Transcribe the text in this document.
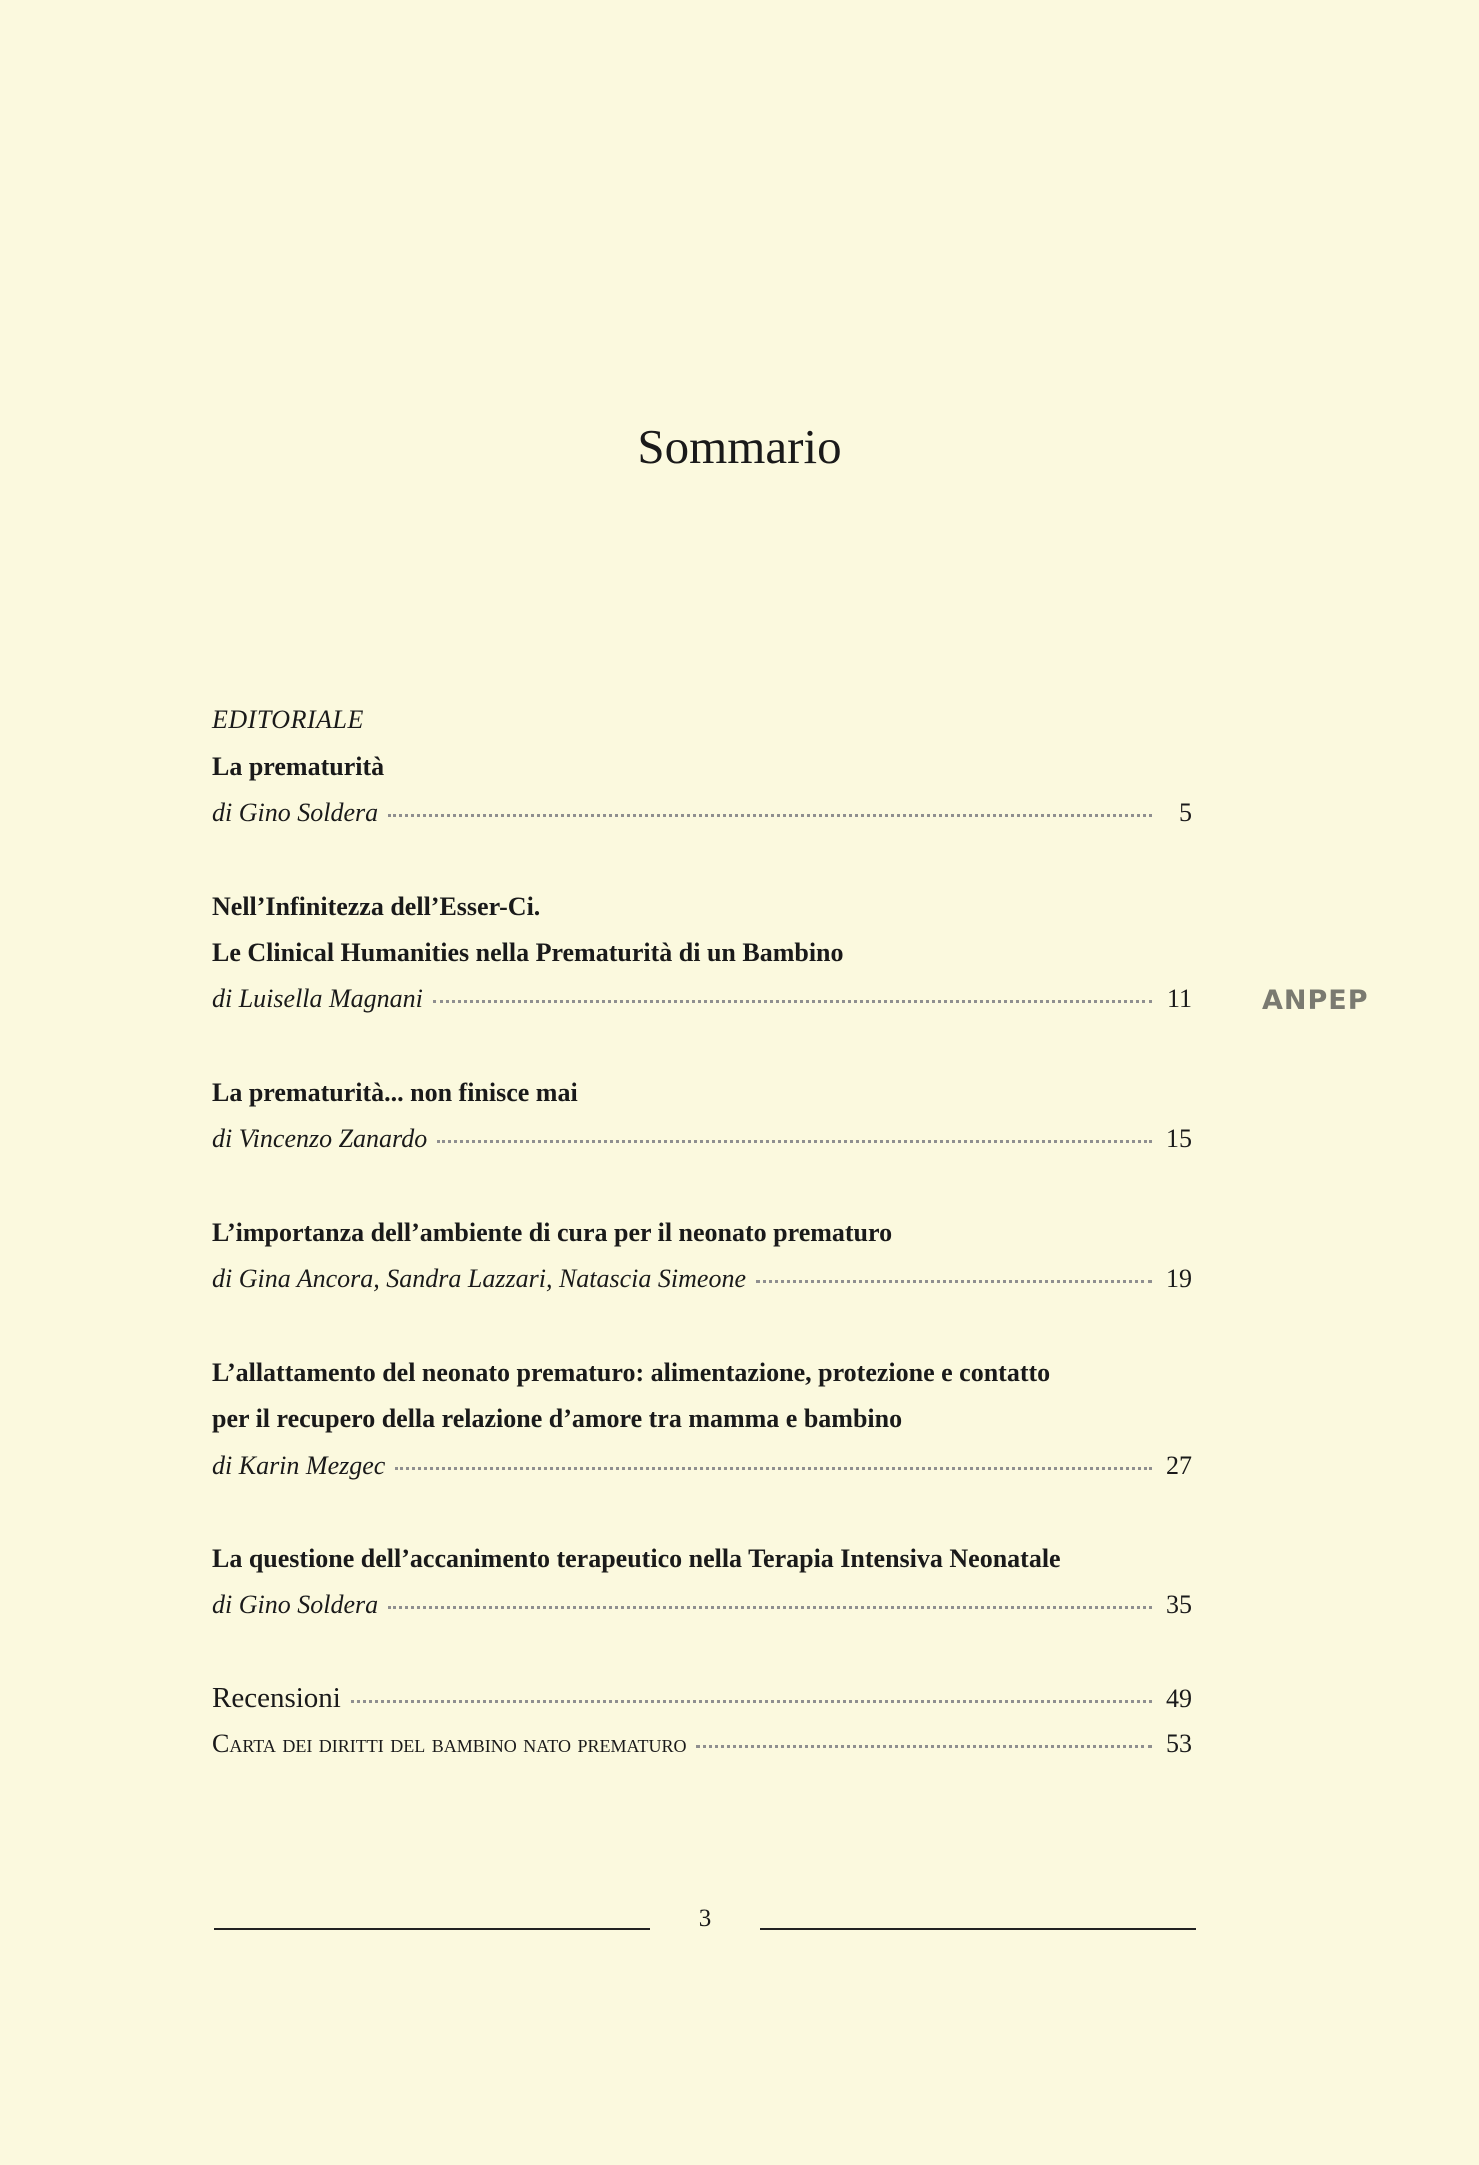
Sommario
EDITORIALE
La prematurità
di Gino Soldera	5
Nell’Infinitezza dell’Esser-Ci.
Le Clinical Humanities nella Prematurità di un Bambino
di Luisella Magnani	11
La prematurità... non finisce mai
di Vincenzo Zanardo	15
L’importanza dell’ambiente di cura per il neonato prematuro
di Gina Ancora, Sandra Lazzari, Natascia Simeone	19
L’allattamento del neonato prematuro: alimentazione, protezione e contatto
per il recupero della relazione d’amore tra mamma e bambino
di Karin Mezgec	27
La questione dell’accanimento terapeutico nella Terapia Intensiva Neonatale
di Gino Soldera	35
Recensioni	49
Carta dei diritti del bambino nato prematuro	53
ANPEP
3
